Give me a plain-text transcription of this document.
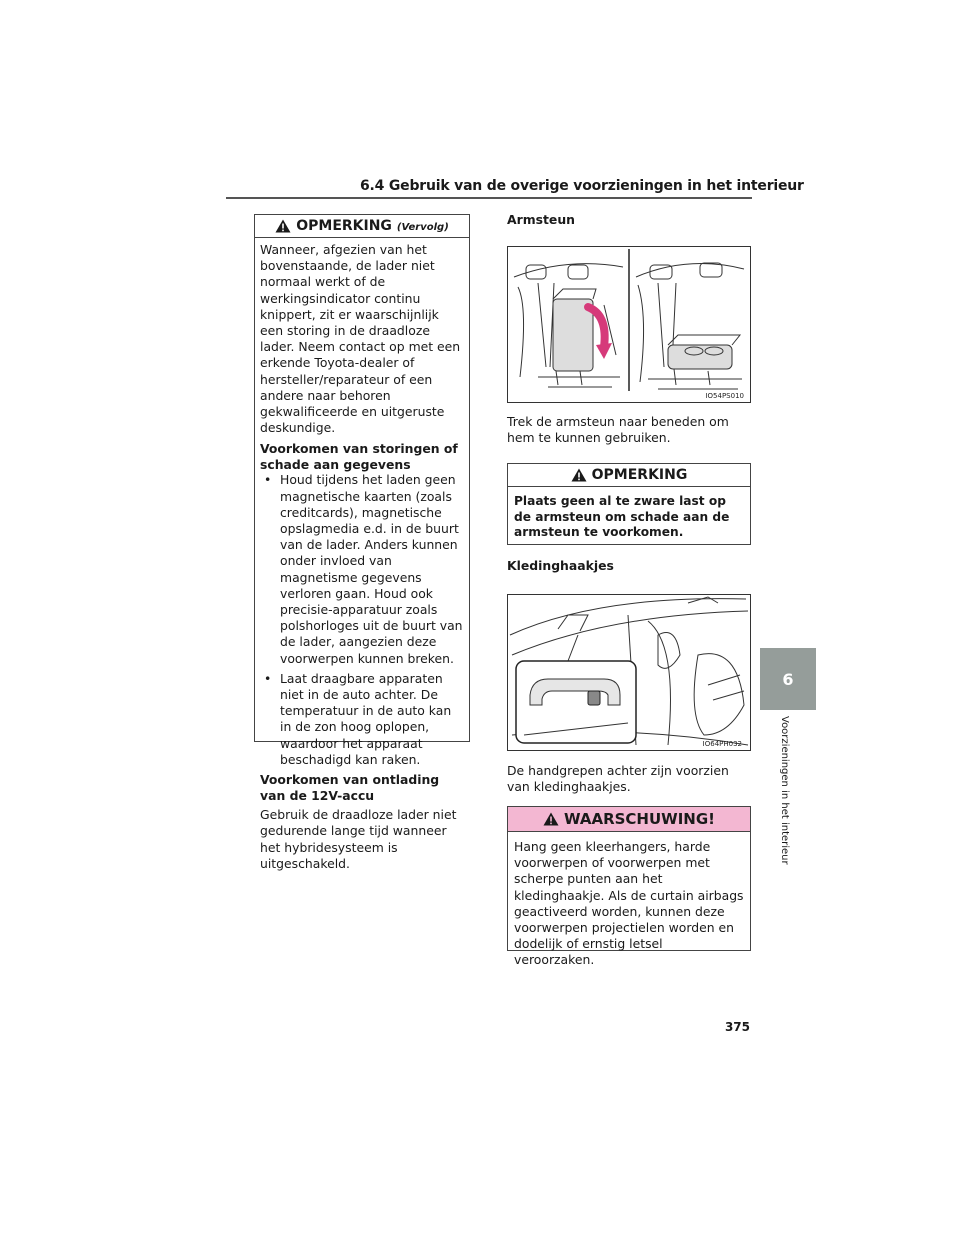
6.4 Gebruik van de overige voorzieningen in het interieur
6
Voorzieningen in het interieur
OPMERKING (Vervolg)

Wanneer, afgezien van het bovenstaande, de lader niet normaal werkt of de werkingsindicator continu knippert, zit er waarschijnlijk een storing in de draadloze lader. Neem contact op met een erkende Toyota-dealer of hersteller/reparateur of een andere naar behoren gekwalificeerde en uitgeruste deskundige.

Voorkomen van storingen of schade aan gegevens

• Houd tijdens het laden geen magnetische kaarten (zoals creditcards), magnetische opslagmedia e.d. in de buurt van de lader. Anders kunnen onder invloed van magnetisme gegevens verloren gaan. Houd ook precisie-apparatuur zoals polshorloges uit de buurt van de lader, aangezien deze voorwerpen kunnen breken.

• Laat draagbare apparaten niet in de auto achter. De temperatuur in de auto kan in de zon hoog oplopen, waardoor het apparaat beschadigd kan raken.

Voorkomen van ontlading van de 12V-accu

Gebruik de draadloze lader niet gedurende lange tijd wanneer het hybridesysteem is uitgeschakeld.

Armsteun
IO54PS010
Trek de armsteun naar beneden om hem te kunnen gebruiken.
OPMERKING

Plaats geen al te zware last op de armsteun om schade aan de armsteun te voorkomen.

Kledinghaakjes
IO64PH032
De handgrepen achter zijn voorzien van kledinghaakjes.
WAARSCHUWING!

Hang geen kleerhangers, harde voorwerpen of voorwerpen met scherpe punten aan het kledinghaakje. Als de curtain airbags geactiveerd worden, kunnen deze voorwerpen projectielen worden en dodelijk of ernstig letsel veroorzaken.

375
